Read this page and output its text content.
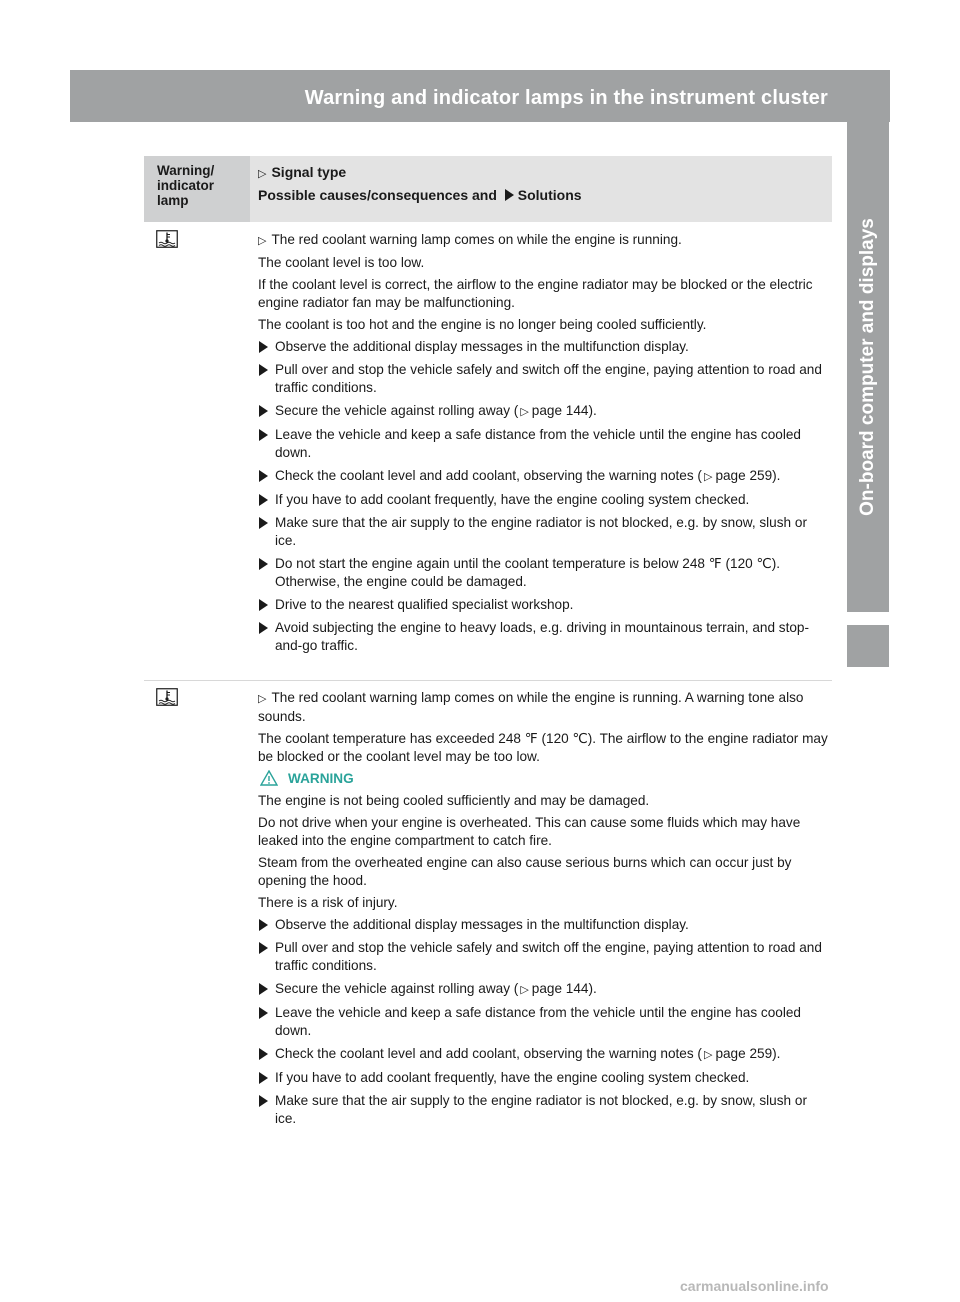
Warning and indicator lamps in the instrument cluster	231
On-board computer and displays
Warning/
indicator
lamp
▷ Signal type
Possible causes/consequences and Solutions

▷ The red coolant warning lamp comes on while the engine is running.

The coolant level is too low.

If the coolant level is correct, the airflow to the engine radiator may be blocked or the electric engine radiator fan may be malfunctioning.

The coolant is too hot and the engine is no longer being cooled sufficiently.

Observe the additional display messages in the multifunction display.

Pull over and stop the vehicle safely and switch off the engine, paying attention to road and traffic conditions.

Secure the vehicle against rolling away ( ▷ page 144).

Leave the vehicle and keep a safe distance from the vehicle until the engine has cooled down.

Check the coolant level and add coolant, observing the warning notes ( ▷ page 259).

If you have to add coolant frequently, have the engine cooling system checked.

Make sure that the air supply to the engine radiator is not blocked, e.g. by snow, slush or ice.

Do not start the engine again until the coolant temperature is below 248 ℉ (120 ℃). Otherwise, the engine could be damaged.

Drive to the nearest qualified specialist workshop.

Avoid subjecting the engine to heavy loads, e.g. driving in mountainous terrain, and stop-and-go traffic.

▷ The red coolant warning lamp comes on while the engine is running. A warning tone also sounds.

The coolant temperature has exceeded 248 ℉ (120 ℃). The airflow to the engine radiator may be blocked or the coolant level may be too low.

WARNING

The engine is not being cooled sufficiently and may be damaged.

Do not drive when your engine is overheated. This can cause some fluids which may have leaked into the engine compartment to catch fire.

Steam from the overheated engine can also cause serious burns which can occur just by opening the hood.

There is a risk of injury.

Observe the additional display messages in the multifunction display.

Pull over and stop the vehicle safely and switch off the engine, paying attention to road and traffic conditions.

Secure the vehicle against rolling away ( ▷ page 144).

Leave the vehicle and keep a safe distance from the vehicle until the engine has cooled down.

Check the coolant level and add coolant, observing the warning notes ( ▷ page 259).

If you have to add coolant frequently, have the engine cooling system checked.

Make sure that the air supply to the engine radiator is not blocked, e.g. by snow, slush or ice.

carmanualsonline.info
